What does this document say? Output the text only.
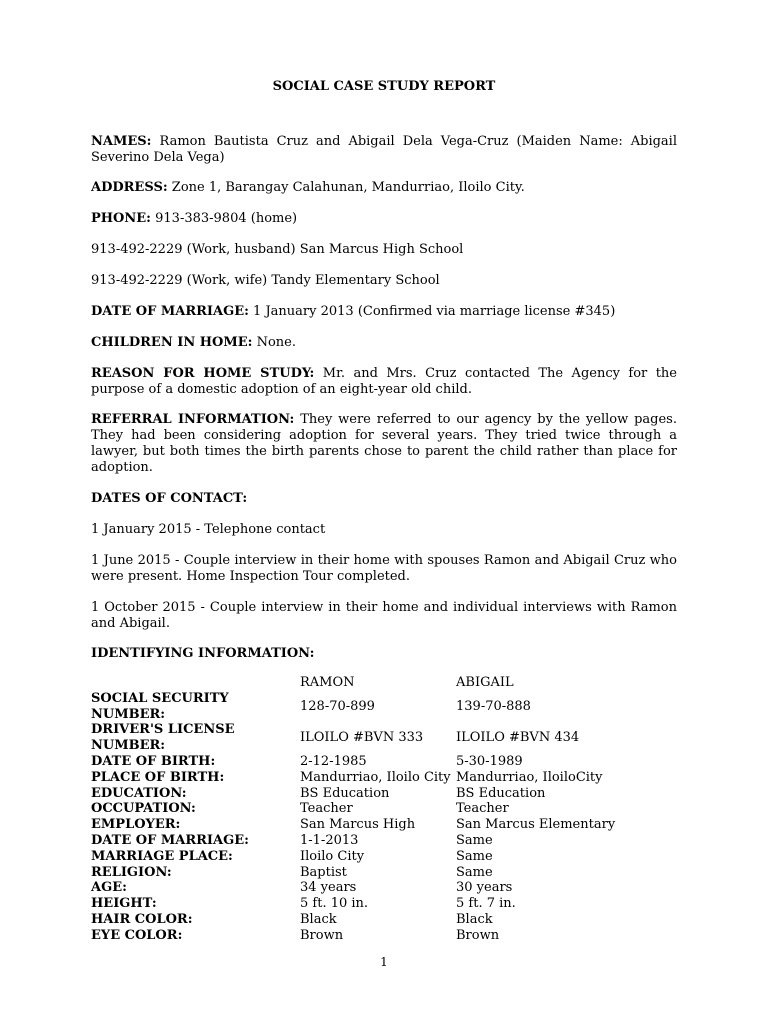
SOCIAL CASE STUDY REPORT
NAMES: Ramon Bautista Cruz and Abigail Dela Vega-Cruz (Maiden Name: Abigail Severino Dela Vega)
ADDRESS: Zone 1, Barangay Calahunan, Mandurriao, Iloilo City.
PHONE: 913-383-9804 (home)
913-492-2229 (Work, husband) San Marcus High School
913-492-2229 (Work, wife) Tandy Elementary School
DATE OF MARRIAGE: 1 January 2013 (Confirmed via marriage license #345)
CHILDREN IN HOME: None.
REASON FOR HOME STUDY: Mr. and Mrs. Cruz contacted The Agency for the purpose of a domestic adoption of an eight-year old child.
REFERRAL INFORMATION: They were referred to our agency by the yellow pages. They had been considering adoption for several years. They tried twice through a lawyer, but both times the birth parents chose to parent the child rather than place for adoption.
DATES OF CONTACT:
1 January 2015 - Telephone contact
1 June 2015 - Couple interview in their home with spouses Ramon and Abigail Cruz who were present. Home Inspection Tour completed.
1 October 2015 - Couple interview in their home and individual interviews with Ramon and Abigail.
IDENTIFYING INFORMATION:
	RAMON	ABIGAIL
SOCIAL SECURITY NUMBER:	128-70-899	139-70-888
DRIVER'S LICENSE NUMBER:	ILOILO #BVN 333	ILOILO #BVN 434
DATE OF BIRTH:	2-12-1985	5-30-1989
PLACE OF BIRTH:	Mandurriao, Iloilo City	Mandurriao, IloiloCity
EDUCATION:	BS Education	BS Education
OCCUPATION:	Teacher	Teacher
EMPLOYER:	San Marcus High	San Marcus Elementary
DATE OF MARRIAGE:	1-1-2013	Same
MARRIAGE PLACE:	Iloilo City	Same
RELIGION:	Baptist	Same
AGE:	34 years	30 years
HEIGHT:	5 ft. 10 in.	5 ft. 7 in.
HAIR COLOR:	Black	Black
EYE COLOR:	Brown	Brown
1
